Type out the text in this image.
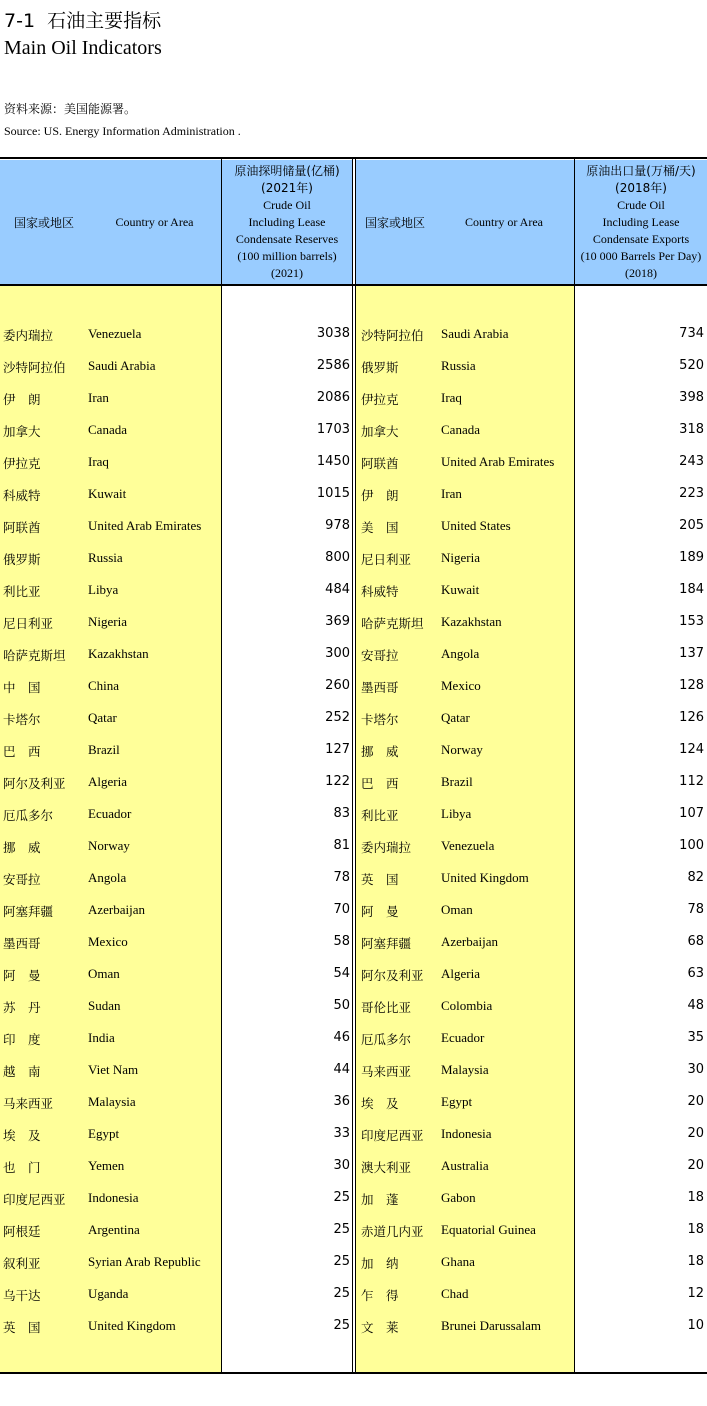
7-1  石油主要指标
Main Oil Indicators
资料来源：美国能源署。
Source: US. Energy Information Administration .
国家或地区	Country or Area
原油探明储量(亿桶)
(2021年)
Crude Oil
Including Lease
Condensate Reserves
(100 million barrels)
(2021)
国家或地区	Country or Area
原油出口量(万桶/天)
(2018年)
Crude Oil
Including Lease
Condensate Exports
(10 000 Barrels Per Day)
(2018)
委内瑞拉	Venezuela	3038
沙特阿拉伯 Saudi Arabia	2586
伊　朗	Iran	2086
加拿大	Canada	1703
伊拉克	Iraq	1450
科威特	Kuwait	1015
阿联酋	United Arab Emirates	978
俄罗斯	Russia	800
利比亚	Libya	484
尼日利亚	Nigeria	369
哈萨克斯坦 Kazakhstan	300
中　国	China	260
卡塔尔	Qatar	252
巴　西	Brazil	127
阿尔及利亚 Algeria	122
厄瓜多尔	Ecuador	83
挪　威	Norway	81
安哥拉	Angola	78
阿塞拜疆	Azerbaijan	70
墨西哥	Mexico	58
阿　曼	Oman	54
苏　丹	Sudan	50
印　度	India	46
越　南	Viet Nam	44
马来西亚	Malaysia	36
埃　及	Egypt	33
也　门	Yemen	30
印度尼西亚 Indonesia	25
阿根廷	Argentina	25
叙利亚	Syrian Arab Republic	25
乌干达	Uganda	25
英　国	United Kingdom	25
沙特阿拉伯 Saudi Arabia	734
俄罗斯	Russia	520
伊拉克	Iraq	398
加拿大	Canada	318
阿联酋	United Arab Emirates	243
伊　朗	Iran	223
美　国	United States	205
尼日利亚 Nigeria	189
科威特	Kuwait	184
哈萨克斯坦 Kazakhstan	153
安哥拉	Angola	137
墨西哥	Mexico	128
卡塔尔	Qatar	126
挪　威	Norway	124
巴　西	Brazil	112
利比亚	Libya	107
委内瑞拉 Venezuela	100
英　国	United Kingdom	82
阿　曼	Oman	78
阿塞拜疆 Azerbaijan	68
阿尔及利亚 Algeria	63
哥伦比亚 Colombia	48
厄瓜多尔 Ecuador	35
马来西亚 Malaysia	30
埃　及	Egypt	20
印度尼西亚 Indonesia	20
澳大利亚 Australia	20
加　蓬	Gabon	18
赤道几内亚 Equatorial Guinea	18
加　纳	Ghana	18
乍　得	Chad	12
文　莱	Brunei Darussalam	10
